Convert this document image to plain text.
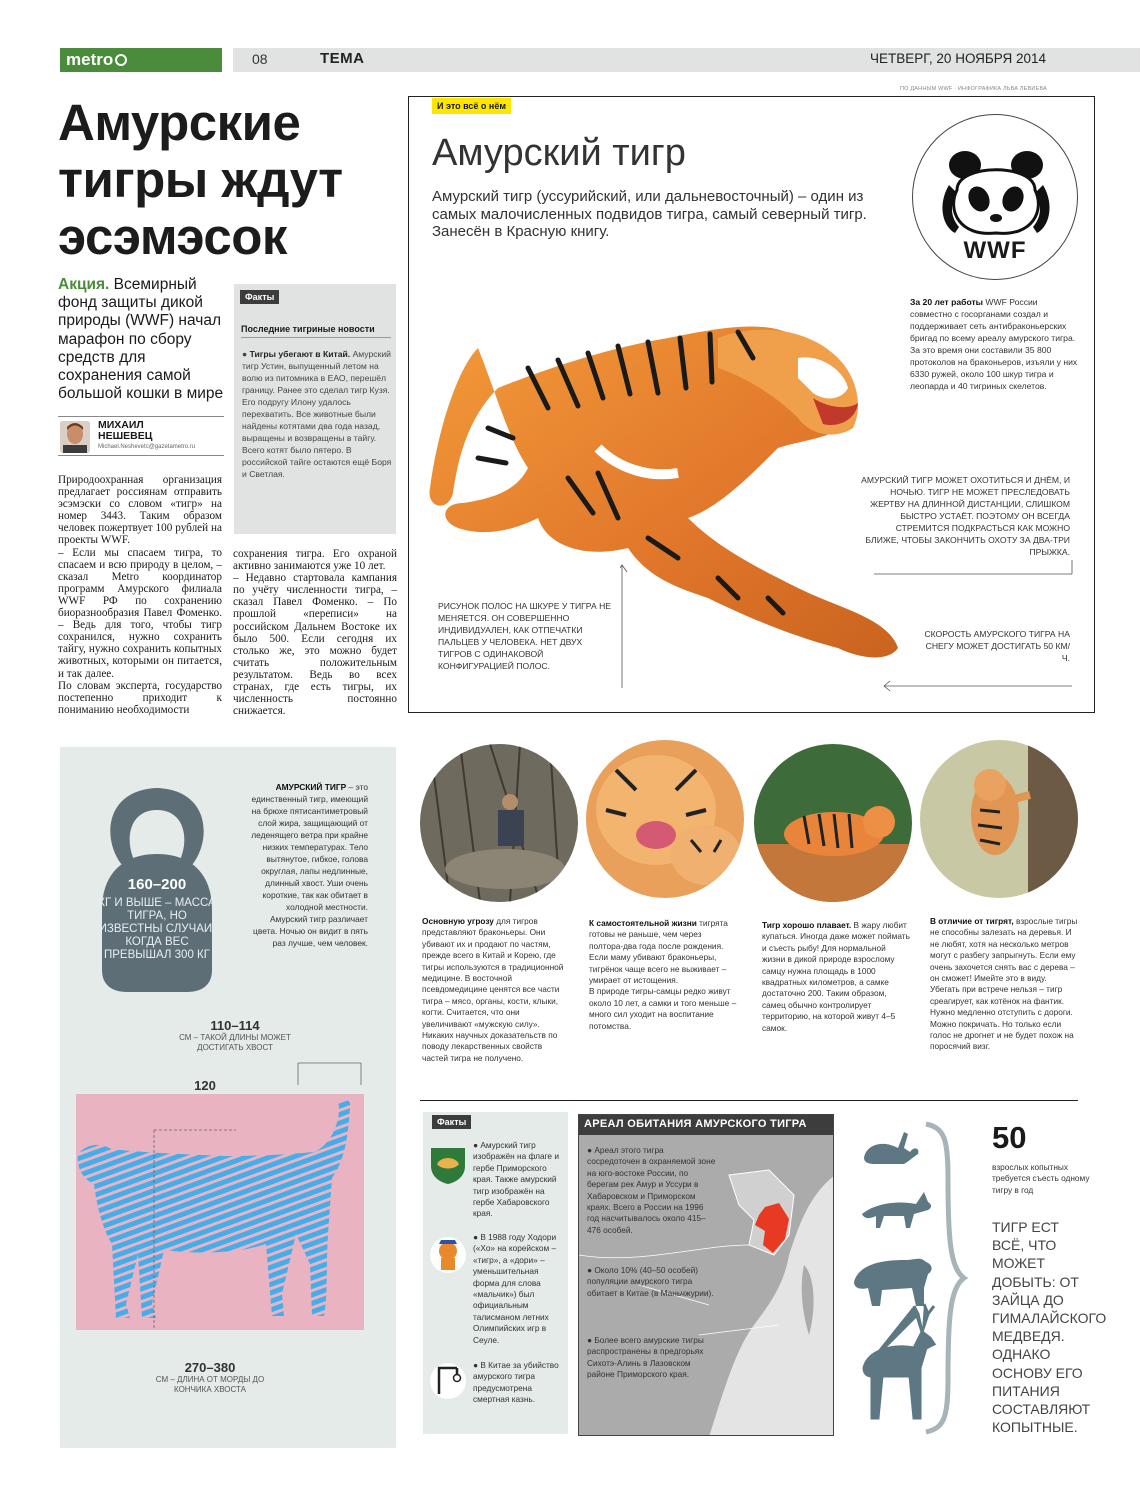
metro	08	ТЕМА	ЧЕТВЕРГ, 20 НОЯБРЯ 2014
ПО ДАННЫМ WWF · ИНФОГРАФИКА ЛЬВА ЛЕВИЕВА
Амурские тигры ждут эсэмэсок
Акция. Всемирный фонд защиты дикой природы (WWF) начал марафон по сбору средств для сохранения самой большой кошки в мире
МИХАИЛ
НЕШЕВЕЦ
Michael.Neshevetc@gazetametro.ru
Факты
Последние тигриные новости
● Тигры убегают в Китай. Амурский тигр Устин, выпущенный летом на волю из питомника в ЕАО, перешёл границу. Ранее это сделал тигр Кузя. Его подругу Илону удалось перехватить. Все животные были найдены котятами два года назад, выращены и возвращены в тайгу. Всего котят было пятеро. В российской тайге остаются ещё Боря и Светлая.
Природоохранная организация предлагает россиянам отправить эсэмэски со словом «тигр» на номер 3443. Таким образом человек пожертвует 100 рублей на проекты WWF.
– Если мы спасаем тигра, то спасаем и всю природу в целом, – сказал Metro координатор программ Амурского филиала WWF РФ по сохранению биоразнообразия Павел Фоменко. – Ведь для того, чтобы тигр сохранился, нужно сохранить тайгу, нужно сохранить копытных животных, которыми он питается, и так далее.
По словам эксперта, государство постепенно приходит к пониманию необходимости
сохранения тигра. Его охраной активно занимаются уже 10 лет.
– Недавно стартовала кампания по учёту численности тигра, – сказал Павел Фоменко. – По прошлой «переписи» на российском Дальнем Востоке их было 500. Если сегодня их столько же, это можно будет считать положительным результатом. Ведь во всех странах, где есть тигры, их численность постоянно снижается.
160–200
КГ И ВЫШЕ – МАССА ТИГРА, НО ИЗВЕСТНЫ СЛУЧАИ, КОГДА ВЕС ПРЕВЫШАЛ 300 КГ
АМУРСКИЙ ТИГР – это единственный тигр, имеющий на брюхе пятисантиметровый слой жира, защищающий от леденящего ветра при крайне низких температурах. Тело вытянутое, гибкое, голова округлая, лапы недлинные, длинный хвост. Уши очень короткие, так как обитает в холодной местности. Амурский тигр различает цвета. Ночью он видит в пять раз лучше, чем человек.
110–114
СМ – ТАКОЙ ДЛИНЫ МОЖЕТ ДОСТИГАТЬ ХВОСТ
120
270–380
СМ – ДЛИНА ОТ МОРДЫ ДО КОНЧИКА ХВОСТА
И это всё о нём
Амурский тигр
Амурский тигр (уссурийский, или дальневосточный) – один из самых малочисленных подвидов тигра, самый северный тигр. Занесён в Красную книгу.
WWF
За 20 лет работы WWF России совместно с госорганами создал и поддерживает сеть антибраконьерских бригад по всему ареалу амурского тигра. За это время они составили 35 800 протоколов на браконьеров, изъяли у них 6330 ружей, около 100 шкур тигра и леопарда и 40 тигриных скелетов.
АМУРСКИЙ ТИГР МОЖЕТ ОХОТИТЬСЯ И ДНЁМ, И НОЧЬЮ. ТИГР НЕ МОЖЕТ ПРЕСЛЕДОВАТЬ ЖЕРТВУ НА ДЛИННОЙ ДИСТАНЦИИ, СЛИШКОМ БЫСТРО УСТАЁТ. ПОЭТОМУ ОН ВСЕГДА СТРЕМИТСЯ ПОДКРАСТЬСЯ КАК МОЖНО БЛИЖЕ, ЧТОБЫ ЗАКОНЧИТЬ ОХОТУ ЗА ДВА-ТРИ ПРЫЖКА.
РИСУНОК ПОЛОС НА ШКУРЕ У ТИГРА НЕ МЕНЯЕТСЯ. ОН СОВЕРШЕННО ИНДИВИДУАЛЕН, КАК ОТПЕЧАТКИ ПАЛЬЦЕВ У ЧЕЛОВЕКА. НЕТ ДВУХ ТИГРОВ С ОДИНАКОВОЙ КОНФИГУРАЦИЕЙ ПОЛОС.
СКОРОСТЬ АМУРСКОГО ТИГРА НА СНЕГУ МОЖЕТ ДОСТИГАТЬ 50 КМ/Ч.
Основную угрозу для тигров представляют браконьеры. Они убивают их и продают по частям, прежде всего в Китай и Корею, где тигры используются в традиционной медицине. В восточной псевдомедицине ценятся все части тигра – мясо, органы, кости, клыки, когти. Считается, что они увеличивают «мужскую силу». Никаких научных доказательств по поводу лекарственных свойств частей тигра не получено.
К самостоятельной жизни тигрята готовы не раньше, чем через полтора-два года после рождения. Если маму убивают браконьеры, тигрёнок чаще всего не выживает – умирает от истощения.
В природе тигры-самцы редко живут около 10 лет, а самки и того меньше – много сил уходит на воспитание потомства.
Тигр хорошо плавает. В жару любит купаться. Иногда даже может поймать и съесть рыбу! Для нормальной жизни в дикой природе взрослому самцу нужна площадь в 1000 квадратных километров, а самке достаточно 200. Таким образом, самец обычно контролирует территорию, на которой живут 4–5 самок.
В отличие от тигрят, взрослые тигры не способны залезать на деревья. И не любят, хотя на несколько метров могут с разбегу запрыгнуть. Если ему очень захочется снять вас с дерева – он сможет! Имейте это в виду. Убегать при встрече нельзя – тигр среагирует, как котёнок на фантик. Нужно медленно отступить с дороги. Можно покричать. Но только если голос не дрогнет и не будет похож на поросячий визг.
Факты
● Амурский тигр изображён на флаге и гербе Приморского края. Также амурский тигр изображён на гербе Хабаровского края.
● В 1988 году Ходори («Хо» на корейском – «тигр», а «дори» – уменьшительная форма для слова «мальчик») был официальным талисманом летних Олимпийских игр в Сеуле.
● В Китае за убийство амурского тигра предусмотрена смертная казнь.
АРЕАЛ ОБИТАНИЯ АМУРСКОГО ТИГРА
● Ареал этого тигра сосредоточен в охраняемой зоне на юго-востоке России, по берегам рек Амур и Уссури в Хабаровском и Приморском краях. Всего в России на 1996 год насчитывалось около 415–476 особей.
● Около 10% (40–50 особей) популяции амурского тигра обитает в Китае (в Маньчжурии).
● Более всего амурские тигры распространены в предгорьях Сихотэ-Алинь в Лазовском районе Приморского края.
50
взрослых копытных требуется съесть одному тигру в год
ТИГР ЕСТ ВСЁ, ЧТО МОЖЕТ ДОБЫТЬ: ОТ ЗАЙЦА ДО ГИМАЛАЙСКОГО МЕДВЕДЯ. ОДНАКО ОСНОВУ ЕГО ПИТАНИЯ СОСТАВЛЯЮТ КОПЫТНЫЕ.
